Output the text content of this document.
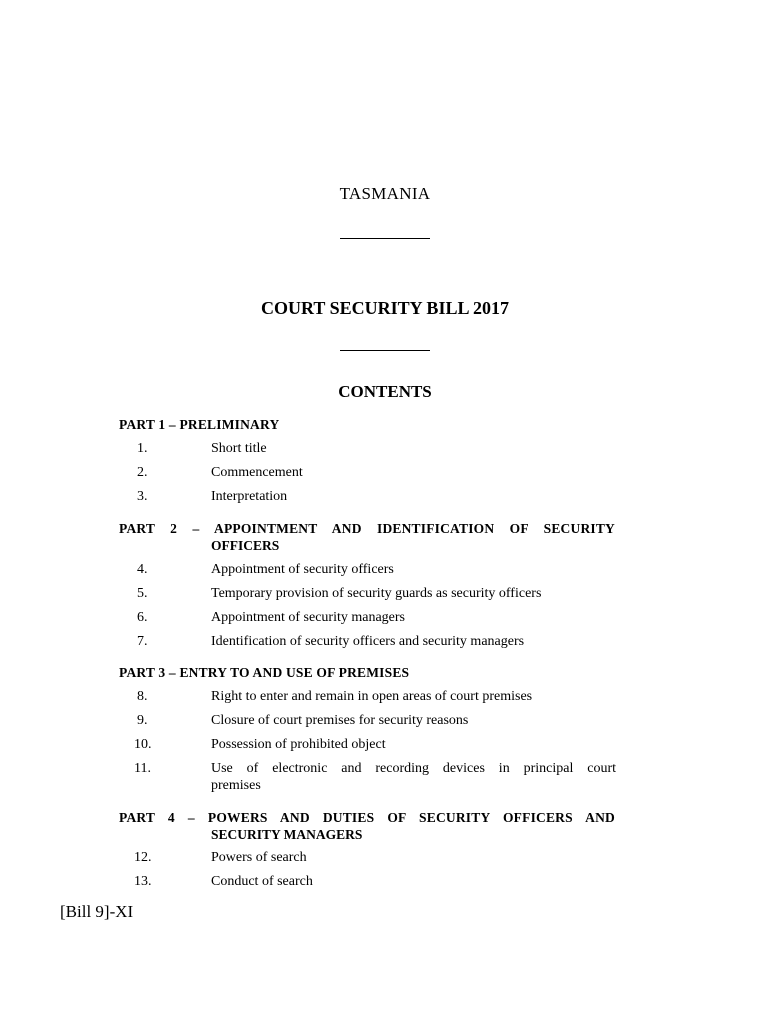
TASMANIA
COURT SECURITY BILL 2017
CONTENTS
PART 1 – PRELIMINARY
1.	Short title
2.	Commencement
3.	Interpretation
PART 2 – APPOINTMENT AND IDENTIFICATION OF SECURITY
OFFICERS
4.	Appointment of security officers
5.	Temporary provision of security guards as security officers
6.	Appointment of security managers
7.	Identification of security officers and security managers
PART 3 – ENTRY TO AND USE OF PREMISES
8.	Right to enter and remain in open areas of court premises
9.	Closure of court premises for security reasons
10.	Possession of prohibited object
11.	Use of electronic and recording devices in principal court
premises
PART 4 – POWERS AND DUTIES OF SECURITY OFFICERS AND
SECURITY MANAGERS
12.	Powers of search
13.	Conduct of search
[Bill 9]-XI
